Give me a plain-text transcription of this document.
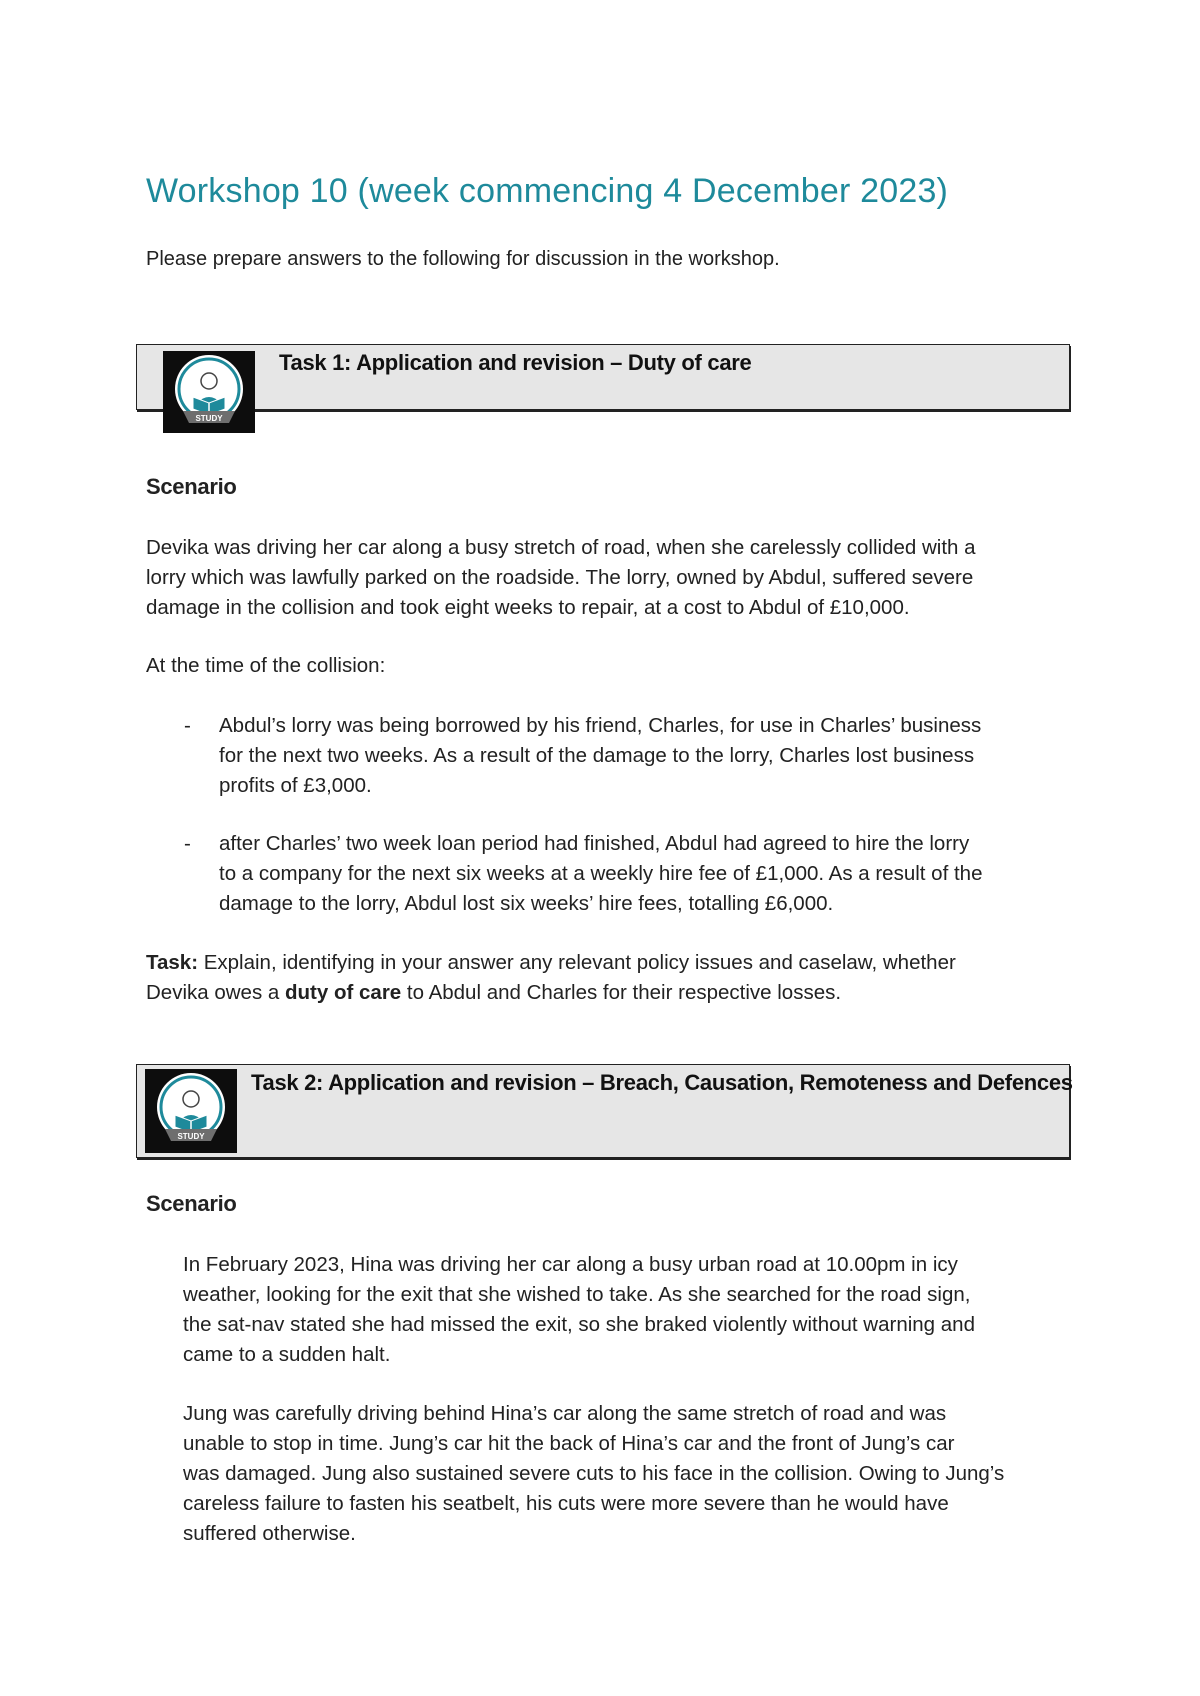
Workshop 10 (week commencing 4 December 2023)

Please prepare answers to the following for discussion in the workshop.

STUDY
Task 1: Application and revision – Duty of care

Scenario

Devika was driving her car along a busy stretch of road, when she carelessly collided with a
lorry which was lawfully parked on the roadside. The lorry, owned by Abdul, suffered severe
damage in the collision and took eight weeks to repair, at a cost to Abdul of £10,000.

At the time of the collision:

- Abdul’s lorry was being borrowed by his friend, Charles, for use in Charles’ business
for the next two weeks. As a result of the damage to the lorry, Charles lost business
profits of £3,000.
- after Charles’ two week loan period had finished, Abdul had agreed to hire the lorry
to a company for the next six weeks at a weekly hire fee of £1,000. As a result of the
damage to the lorry, Abdul lost six weeks’ hire fees, totalling £6,000.
Task: Explain, identifying in your answer any relevant policy issues and caselaw, whether
Devika owes a duty of care to Abdul and Charles for their respective losses.
STUDY
Task 2: Application and revision – Breach, Causation, Remoteness and Defences

Scenario

In February 2023, Hina was driving her car along a busy urban road at 10.00pm in icy
weather, looking for the exit that she wished to take. As she searched for the road sign,
the sat-nav stated she had missed the exit, so she braked violently without warning and
came to a sudden halt.
Jung was carefully driving behind Hina’s car along the same stretch of road and was
unable to stop in time. Jung’s car hit the back of Hina’s car and the front of Jung’s car
was damaged. Jung also sustained severe cuts to his face in the collision. Owing to Jung’s
careless failure to fasten his seatbelt, his cuts were more severe than he would have
suffered otherwise.
